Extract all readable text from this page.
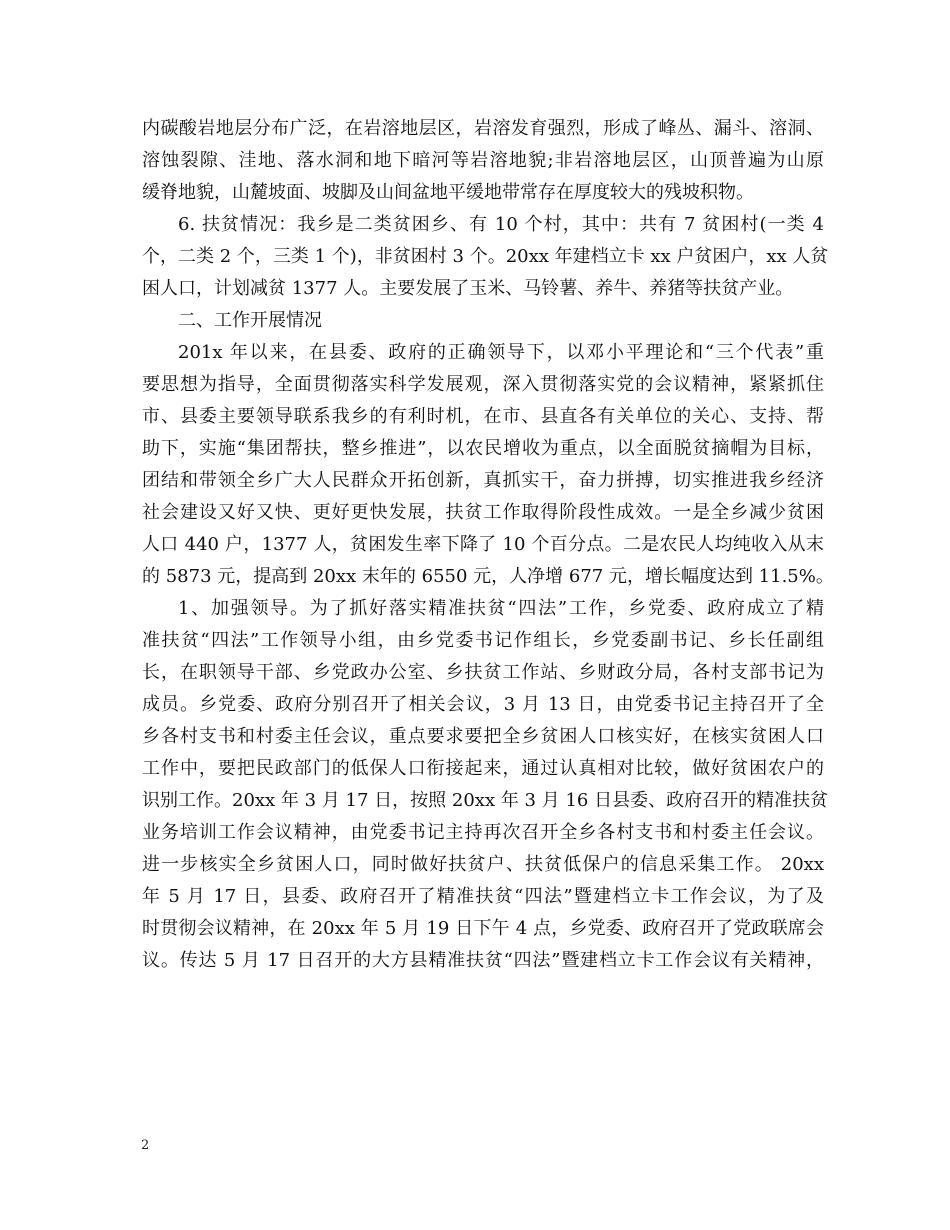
内碳酸岩地层分布广泛，在岩溶地层区，岩溶发育强烈，形成了峰丛、漏斗、溶洞、
溶蚀裂隙、洼地、落水洞和地下暗河等岩溶地貌;非岩溶地层区，山顶普遍为山原
缓脊地貌，山麓坡面、坡脚及山间盆地平缓地带常存在厚度较大的残坡积物。
6. 扶贫情况：我乡是二类贫困乡、有 10 个村，其中：共有 7 贫困村(一类 4
个，二类 2 个，三类 1 个)，非贫困村 3 个。20xx 年建档立卡 xx 户贫困户，xx 人贫
困人口，计划减贫 1377 人。主要发展了玉米、马铃薯、养牛、养猪等扶贫产业。
二、工作开展情况
201x 年以来，在县委、政府的正确领导下，以邓小平理论和“三个代表”重
要思想为指导，全面贯彻落实科学发展观，深入贯彻落实党的会议精神，紧紧抓住
市、县委主要领导联系我乡的有利时机，在市、县直各有关单位的关心、支持、帮
助下，实施“集团帮扶，整乡推进”，以农民增收为重点，以全面脱贫摘帽为目标，
团结和带领全乡广大人民群众开拓创新，真抓实干，奋力拼搏，切实推进我乡经济
社会建设又好又快、更好更快发展，扶贫工作取得阶段性成效。一是全乡减少贫困
人口 440 户，1377 人，贫困发生率下降了 10 个百分点。二是农民人均纯收入从末
的 5873 元，提高到 20xx 末年的 6550 元，人净增 677 元，增长幅度达到 11.5%。
1、加强领导。为了抓好落实精准扶贫“四法”工作，乡党委、政府成立了精
准扶贫“四法”工作领导小组，由乡党委书记作组长，乡党委副书记、乡长任副组
长，在职领导干部、乡党政办公室、乡扶贫工作站、乡财政分局，各村支部书记为
成员。乡党委、政府分别召开了相关会议，3 月 13 日，由党委书记主持召开了全
乡各村支书和村委主任会议，重点要求要把全乡贫困人口核实好，在核实贫困人口
工作中，要把民政部门的低保人口衔接起来，通过认真相对比较，做好贫困农户的
识别工作。20xx 年 3 月 17 日，按照 20xx 年 3 月 16 日县委、政府召开的精准扶贫
业务培训工作会议精神，由党委书记主持再次召开全乡各村支书和村委主任会议。
进一步核实全乡贫困人口，同时做好扶贫户、扶贫低保户的信息采集工作。 20xx
年 5 月 17 日，县委、政府召开了精准扶贫“四法”暨建档立卡工作会议，为了及
时贯彻会议精神，在 20xx 年 5 月 19 日下午 4 点，乡党委、政府召开了党政联席会
议。传达 5 月 17 日召开的大方县精准扶贫“四法”暨建档立卡工作会议有关精神，
2
